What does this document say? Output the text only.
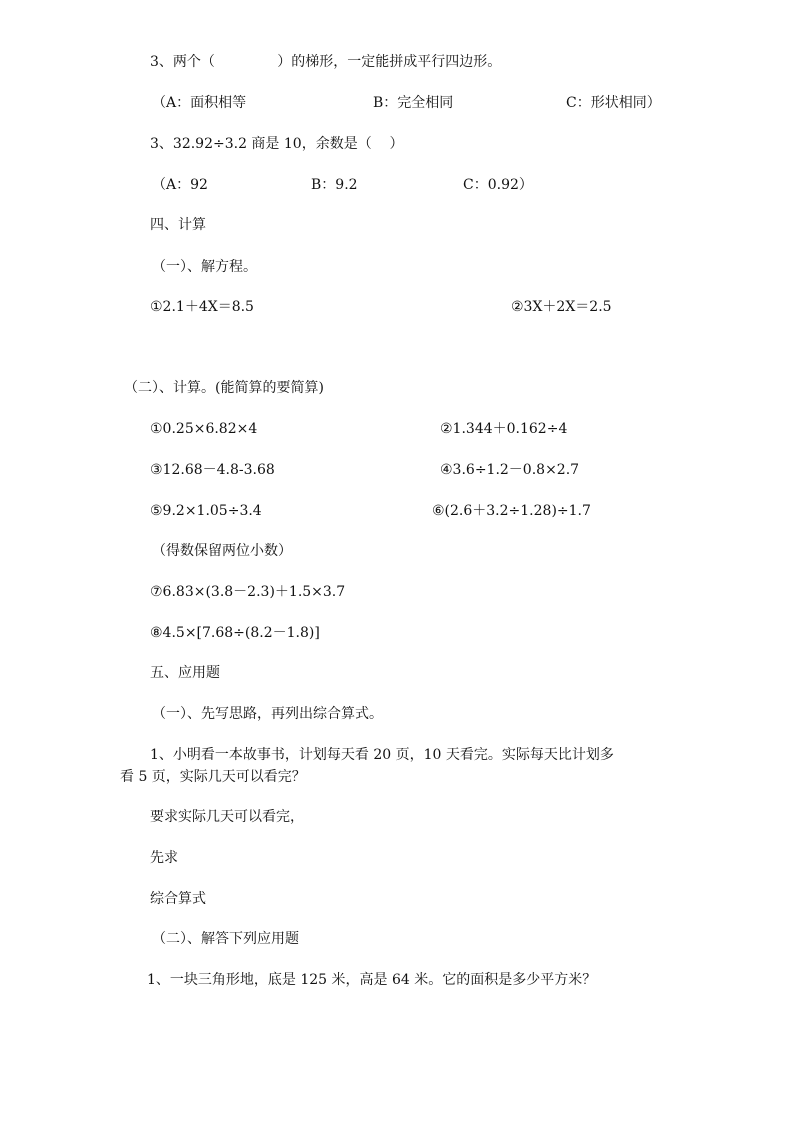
3、两个（              ）的梯形，一定能拼成平行四边形。
（A：面积相等	B：完全相同	C：形状相同）
3、32.92÷3.2 商是 10，余数是（    ）
（A：92	B：9.2	C：0.92）
四、计算
（一）、解方程。
①2.1＋4X＝8.5	②3X＋2X＝2.5
（二）、计算。(能简算的要简算)
①0.25×6.82×4	②1.344＋0.162÷4
③12.68－4.8-3.68	④3.6÷1.2－0.8×2.7
⑤9.2×1.05÷3.4	⑥(2.6＋3.2÷1.28)÷1.7
（得数保留两位小数）
⑦6.83×(3.8－2.3)＋1.5×3.7
⑧4.5×[7.68÷(8.2－1.8)]
五、应用题
（一）、先写思路，再列出综合算式。
1、小明看一本故事书，计划每天看 20 页，10 天看完。实际每天比计划多
看 5 页，实际几天可以看完？
要求实际几天可以看完，
先求
综合算式
（二）、解答下列应用题
1、一块三角形地，底是 125 米，高是 64 米。它的面积是多少平方米？
